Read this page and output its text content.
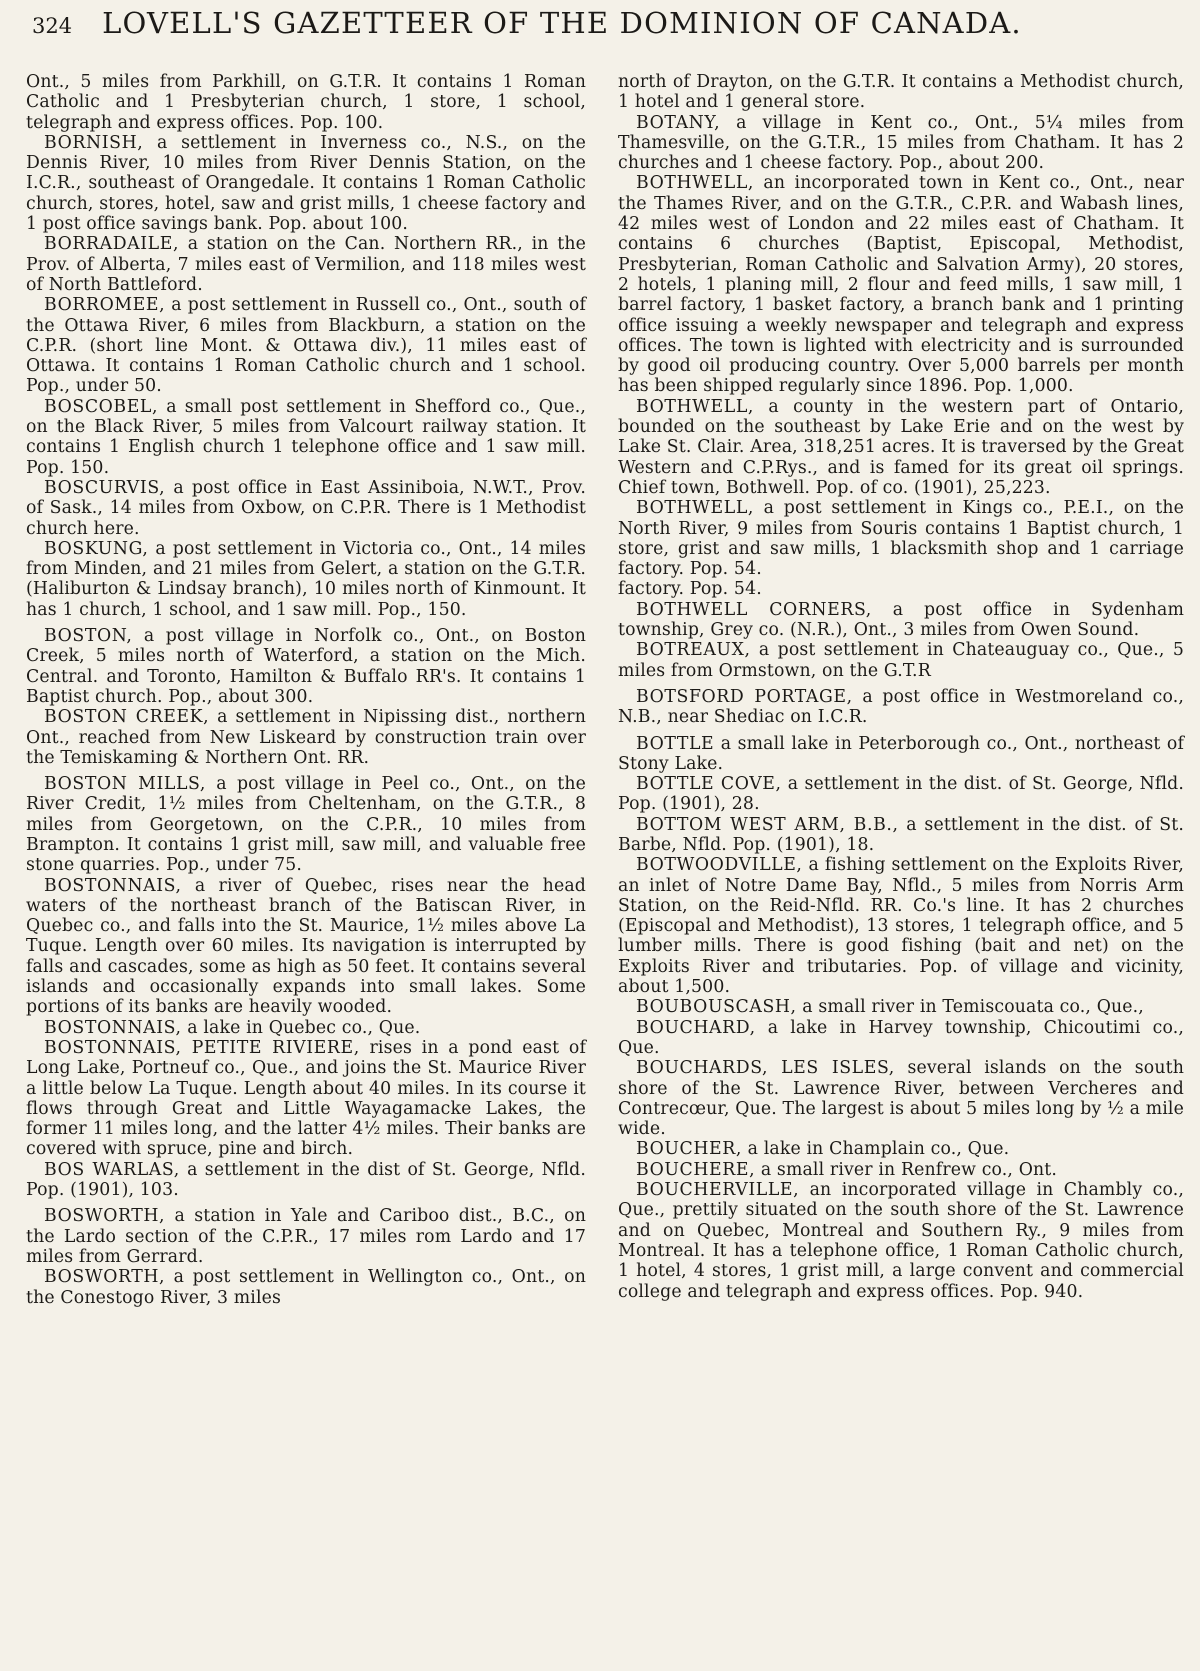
324 LOVELL'S GAZETTEER OF THE DOMINION OF CANADA.

Ont., 5 miles from Parkhill, on G.T.R. It contains 1 Roman Catholic and 1 Presbyterian church, 1 store, 1 school, telegraph and express offices. Pop. 100.

BORNISH, a settlement in Inverness co., N.S., on the Dennis River, 10 miles from River Dennis Station, on the I.C.R., southeast of Orangedale. It contains 1 Roman Catholic church, stores, hotel, saw and grist mills, 1 cheese factory and 1 post office savings bank. Pop. about 100.

BORRADAILE, a station on the Can. Northern RR., in the Prov. of Alberta, 7 miles east of Vermilion, and 118 miles west of North Battleford.

BORROMEE, a post settlement in Russell co., Ont., south of the Ottawa River, 6 miles from Blackburn, a station on the C.P.R. (short line Mont. & Ottawa div.), 11 miles east of Ottawa. It contains 1 Roman Catholic church and 1 school. Pop., under 50.

BOSCOBEL, a small post settlement in Shefford co., Que., on the Black River, 5 miles from Valcourt railway station. It contains 1 English church 1 telephone office and 1 saw mill. Pop. 150.

BOSCURVIS, a post office in East Assiniboia, N.W.T., Prov. of Sask., 14 miles from Oxbow, on C.P.R. There is 1 Methodist church here.

BOSKUNG, a post settlement in Victoria co., Ont., 14 miles from Minden, and 21 miles from Gelert, a station on the G.T.R. (Haliburton & Lindsay branch), 10 miles north of Kinmount. It has 1 church, 1 school, and 1 saw mill. Pop., 150.

BOSTON, a post village in Norfolk co., Ont., on Boston Creek, 5 miles north of Waterford, a station on the Mich. Central. and Toronto, Hamilton & Buffalo RR's. It contains 1 Baptist church. Pop., about 300.

BOSTON CREEK, a settlement in Nipissing dist., northern Ont., reached from New Liskeard by construction train over the Temiskaming & Northern Ont. RR.

BOSTON MILLS, a post village in Peel co., Ont., on the River Credit, 1½ miles from Cheltenham, on the G.T.R., 8 miles from Georgetown, on the C.P.R., 10 miles from Brampton. It contains 1 grist mill, saw mill, and valuable free stone quarries. Pop., under 75.

BOSTONNAIS, a river of Quebec, rises near the head waters of the northeast branch of the Batiscan River, in Quebec co., and falls into the St. Maurice, 1½ miles above La Tuque. Length over 60 miles. Its navigation is interrupted by falls and cascades, some as high as 50 feet. It contains several islands and occasionally expands into small lakes. Some portions of its banks are heavily wooded.

BOSTONNAIS, a lake in Quebec co., Que.

BOSTONNAIS, PETITE RIVIERE, rises in a pond east of Long Lake, Portneuf co., Que., and joins the St. Maurice River a little below La Tuque. Length about 40 miles. In its course it flows through Great and Little Wayagamacke Lakes, the former 11 miles long, and the latter 4½ miles. Their banks are covered with spruce, pine and birch.

BOS WARLAS, a settlement in the dist of St. George, Nfld. Pop. (1901), 103.

BOSWORTH, a station in Yale and Cariboo dist., B.C., on the Lardo section of the C.P.R., 17 miles rom Lardo and 17 miles from Gerrard.

BOSWORTH, a post settlement in Wellington co., Ont., on the Conestogo River, 3 miles

north of Drayton, on the G.T.R. It contains a Methodist church, 1 hotel and 1 general store.

BOTANY, a village in Kent co., Ont., 5¼ miles from Thamesville, on the G.T.R., 15 miles from Chatham. It has 2 churches and 1 cheese factory. Pop., about 200.

BOTHWELL, an incorporated town in Kent co., Ont., near the Thames River, and on the G.T.R., C.P.R. and Wabash lines, 42 miles west of London and 22 miles east of Chatham. It contains 6 churches (Baptist, Episcopal, Methodist, Presbyterian, Roman Catholic and Salvation Army), 20 stores, 2 hotels, 1 planing mill, 2 flour and feed mills, 1 saw mill, 1 barrel factory, 1 basket factory, a branch bank and 1 printing office issuing a weekly newspaper and telegraph and express offices. The town is lighted with electricity and is surrounded by good oil producing country. Over 5,000 barrels per month has been shipped regularly since 1896. Pop. 1,000.

BOTHWELL, a county in the western part of Ontario, bounded on the southeast by Lake Erie and on the west by Lake St. Clair. Area, 318,251 acres. It is traversed by the Great Western and C.P.Rys., and is famed for its great oil springs. Chief town, Bothwell. Pop. of co. (1901), 25,223.

BOTHWELL, a post settlement in Kings co., P.E.I., on the North River, 9 miles from Souris contains 1 Baptist church, 1 store, grist and saw mills, 1 blacksmith shop and 1 carriage factory. Pop. 54.

factory. Pop. 54.

BOTHWELL CORNERS, a post office in Sydenham township, Grey co. (N.R.), Ont., 3 miles from Owen Sound.

BOTREAUX, a post settlement in Chateauguay co., Que., 5 miles from Ormstown, on the G.T.R

BOTSFORD PORTAGE, a post office in Westmoreland co., N.B., near Shediac on I.C.R.

BOTTLE a small lake in Peterborough co., Ont., northeast of Stony Lake.

BOTTLE COVE, a settlement in the dist. of St. George, Nfld. Pop. (1901), 28.

BOTTOM WEST ARM, B.B., a settlement in the dist. of St. Barbe, Nfld. Pop. (1901), 18.

BOTWOODVILLE, a fishing settlement on the Exploits River, an inlet of Notre Dame Bay, Nfld., 5 miles from Norris Arm Station, on the Reid-Nfld. RR. Co.'s line. It has 2 churches (Episcopal and Methodist), 13 stores, 1 telegraph office, and 5 lumber mills. There is good fishing (bait and net) on the Exploits River and tributaries. Pop. of village and vicinity, about 1,500.

BOUBOUSCASH, a small river in Temiscouata co., Que.,

BOUCHARD, a lake in Harvey township, Chicoutimi co., Que.

BOUCHARDS, LES ISLES, several islands on the south shore of the St. Lawrence River, between Vercheres and Contrecœur, Que. The largest is about 5 miles long by ½ a mile wide.

BOUCHER, a lake in Champlain co., Que.

BOUCHERE, a small river in Renfrew co., Ont.

BOUCHERVILLE, an incorporated village in Chambly co., Que., prettily situated on the south shore of the St. Lawrence and on Quebec, Montreal and Southern Ry., 9 miles from Montreal. It has a telephone office, 1 Roman Catholic church, 1 hotel, 4 stores, 1 grist mill, a large convent and commercial college and telegraph and express offices. Pop. 940.
